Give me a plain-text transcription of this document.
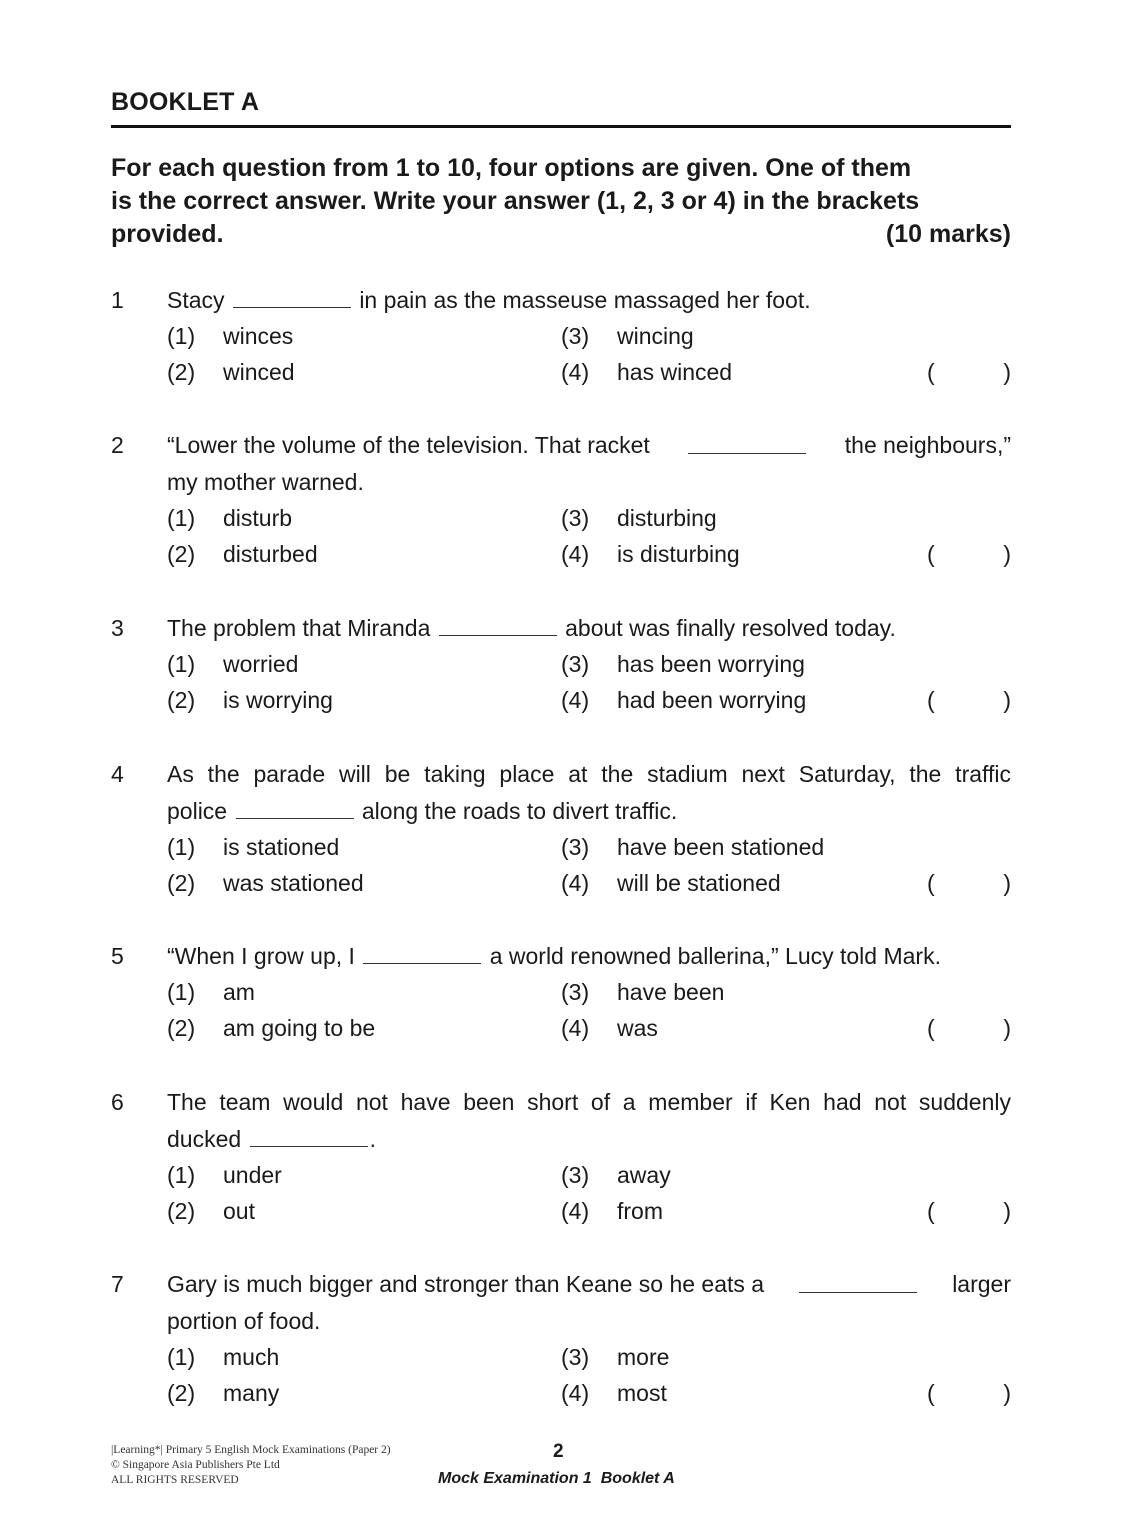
BOOKLET A
For each question from 1 to 10, four options are given. One of them
is the correct answer. Write your answer (1, 2, 3 or 4) in the brackets
provided.	(10 marks)
1 Stacy	in pain as the masseuse massaged her foot.
(1) winces
(2) winced
(3) wincing
(4) has winced	(	)
2 “Lower the volume of the television. That racket	the neighbours,”
my mother warned.
(1) disturb
(2) disturbed
(3) disturbing
(4) is disturbing	(	)
3 The problem that Miranda	about was finally resolved today.
(1) worried
(2) is worrying
(3) has been worrying
(4) had been worrying	(	)
4 As the parade will be taking place at the stadium next Saturday, the traffic
police	along the roads to divert traffic.
(1) is stationed
(2) was stationed
(3) have been stationed
(4) will be stationed	(	)
5 “When I grow up, I	a world renowned ballerina,” Lucy told Mark.
(1) am
(2) am going to be
(3) have been
(4) was	(	)
6 The team would not have been short of a member if Ken had not suddenly
ducked	.
(1) under
(2) out
(3) away
(4) from	(	)
7 Gary is much bigger and stronger than Keane so he eats a	larger
portion of food.
(1) much
(2) many
(3) more
(4) most	(	)
|Learning*| Primary 5 English Mock Examinations (Paper 2)
© Singapore Asia Publishers Pte Ltd
ALL RIGHTS RESERVED
2
Mock Examination 1  Booklet A
